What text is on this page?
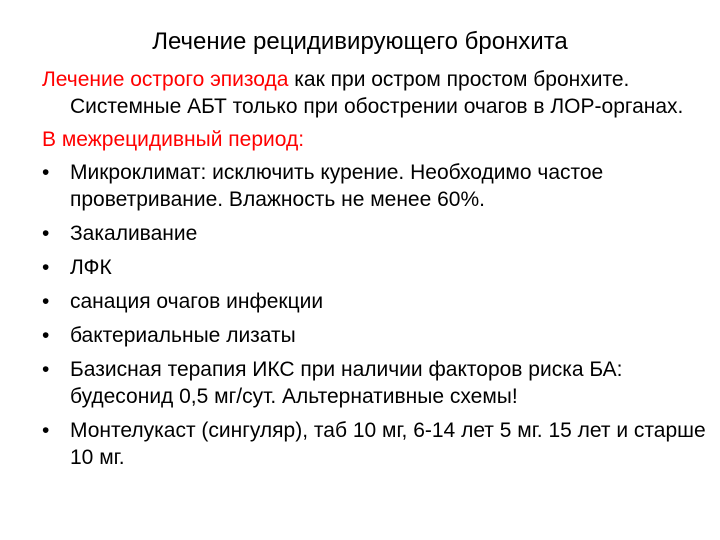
Лечение рецидивирующего бронхита
Лечение острого эпизода как при остром простом бронхите. Системные АБТ только при обострении очагов в ЛОР-органах.
В межрецидивный период:
• Микроклимат: исключить курение. Необходимо частое проветривание. Влажность не менее 60%.
• Закаливание
• ЛФК
• санация очагов инфекции
• бактериальные лизаты
• Базисная терапия ИКС при наличии факторов риска БА: будесонид 0,5 мг/сут. Альтернативные схемы!
• Монтелукаст (сингуляр), таб 10 мг, 6-14 лет 5 мг. 15 лет и старше 10 мг.
